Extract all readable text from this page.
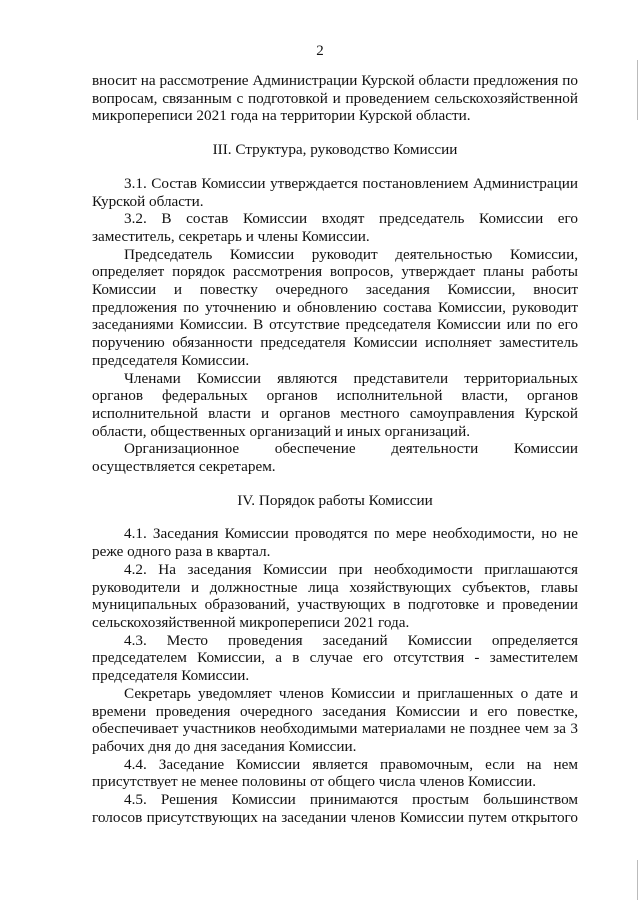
2

вносит на рассмотрение Администрации Курской области предложения по вопросам, связанным с подготовкой и проведением сельскохозяйственной микропереписи 2021 года на территории Курской области.

III. Структура, руководство Комиссии

3.1. Состав Комиссии утверждается постановлением Администрации Курской области.

3.2. В состав Комиссии входят председатель Комиссии его заместитель, секретарь и члены Комиссии.

Председатель Комиссии руководит деятельностью Комиссии, определяет порядок рассмотрения вопросов, утверждает планы работы Комиссии и повестку очередного заседания Комиссии, вносит предложения по уточнению и обновлению состава Комиссии, руководит заседаниями Комиссии. В отсутствие председателя Комиссии или по его поручению обязанности председателя Комиссии исполняет заместитель председателя Комиссии.

Членами Комиссии являются представители территориальных органов федеральных органов исполнительной власти, органов исполнительной власти и органов местного самоуправления Курской области, общественных организаций и иных организаций.

Организационное обеспечение деятельности Комиссии осуществляется секретарем.

IV. Порядок работы Комиссии

4.1. Заседания Комиссии проводятся по мере необходимости, но не реже одного раза в квартал.

4.2. На заседания Комиссии при необходимости приглашаются руководители и должностные лица хозяйствующих субъектов, главы муниципальных образований, участвующих в подготовке и проведении сельскохозяйственной микропереписи 2021 года.

4.3. Место проведения заседаний Комиссии определяется председателем Комиссии, а в случае его отсутствия - заместителем председателя Комиссии.

Секретарь уведомляет членов Комиссии и приглашенных о дате и времени проведения очередного заседания Комиссии и его повестке, обеспечивает участников необходимыми материалами не позднее чем за 3 рабочих дня до дня заседания Комиссии.

4.4. Заседание Комиссии является правомочным, если на нем присутствует не менее половины от общего числа членов Комиссии.

4.5. Решения Комиссии принимаются простым большинством голосов присутствующих на заседании членов Комиссии путем открытого
